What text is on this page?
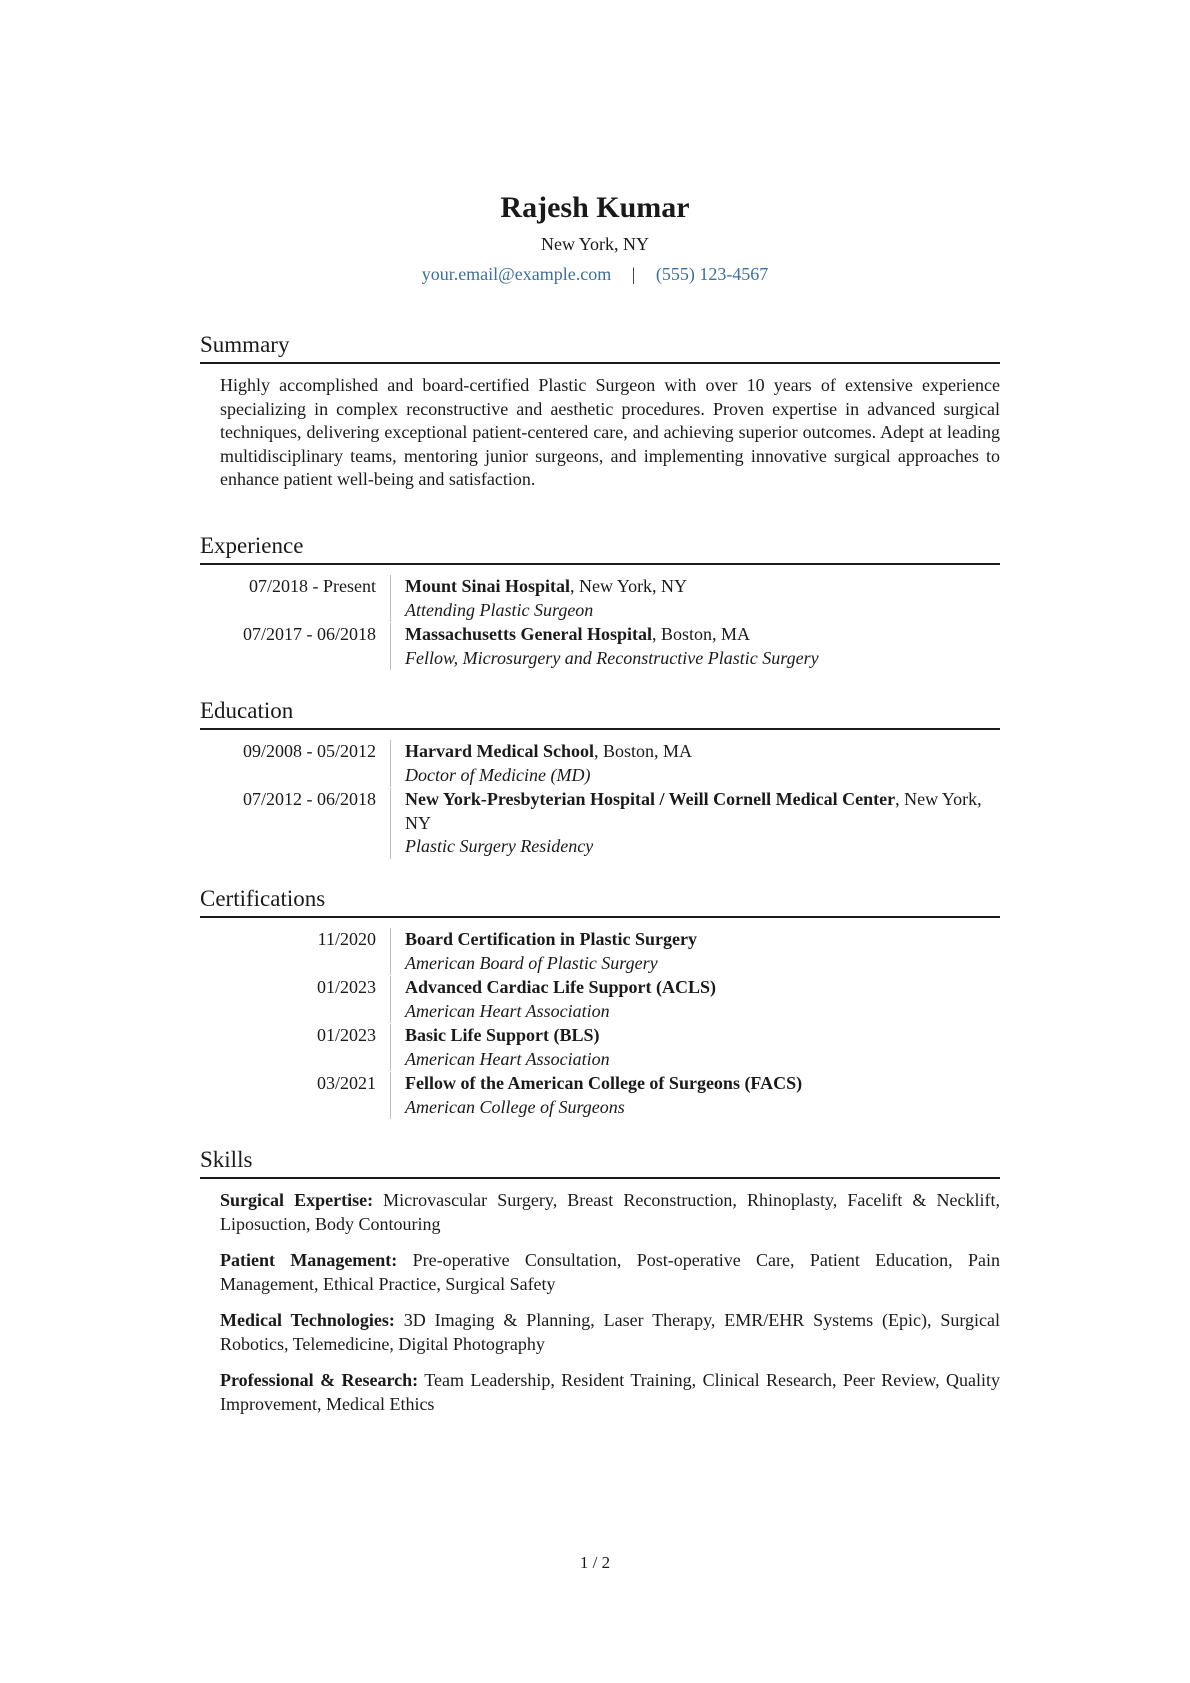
Rajesh Kumar
New York, NY
your.email@example.com | (555) 123-4567
Summary
Highly accomplished and board-certified Plastic Surgeon with over 10 years of extensive experience specializing in complex reconstructive and aesthetic procedures. Proven expertise in advanced surgical techniques, delivering exceptional patient-centered care, and achieving superior outcomes. Adept at leading multidisciplinary teams, mentoring junior surgeons, and implementing innovative surgical approaches to enhance patient well-being and satisfaction.
Experience
07/2018 - Present	Mount Sinai Hospital, New York, NY
Attending Plastic Surgeon
07/2017 - 06/2018	Massachusetts General Hospital, Boston, MA
Fellow, Microsurgery and Reconstructive Plastic Surgery
Education
09/2008 - 05/2012	Harvard Medical School, Boston, MA
Doctor of Medicine (MD)
07/2012 - 06/2018	New York-Presbyterian Hospital / Weill Cornell Medical Center, New York, NY
Plastic Surgery Residency
Certifications
11/2020	Board Certification in Plastic Surgery
American Board of Plastic Surgery
01/2023	Advanced Cardiac Life Support (ACLS)
American Heart Association
01/2023	Basic Life Support (BLS)
American Heart Association
03/2021	Fellow of the American College of Surgeons (FACS)
American College of Surgeons
Skills
Surgical Expertise: Microvascular Surgery, Breast Reconstruction, Rhinoplasty, Facelift & Necklift, Liposuction, Body Contouring
Patient Management: Pre-operative Consultation, Post-operative Care, Patient Education, Pain Management, Ethical Practice, Surgical Safety
Medical Technologies: 3D Imaging & Planning, Laser Therapy, EMR/EHR Systems (Epic), Surgical Robotics, Telemedicine, Digital Photography
Professional & Research: Team Leadership, Resident Training, Clinical Research, Peer Review, Quality Improvement, Medical Ethics
1 / 2
